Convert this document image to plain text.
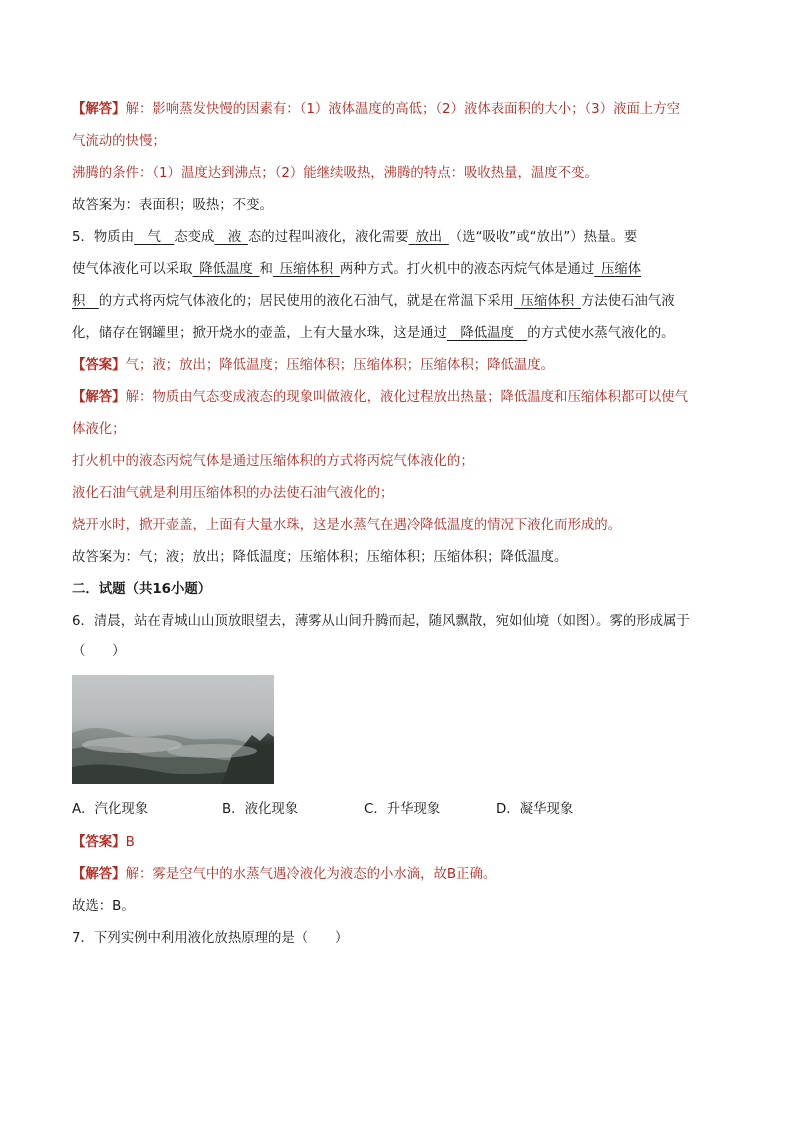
【解答】解：影响蒸发快慢的因素有：（1）液体温度的高低；（2）液体表面积的大小；（3）液面上方空
气流动的快慢；
沸腾的条件：（1）温度达到沸点；（2）能继续吸热，沸腾的特点：吸收热量，温度不变。
故答案为：表面积；吸热；不变。
5．物质由  气  态变成  液  态的过程叫液化，液化需要  放出  （选“吸收”或“放出”）热量。要
使气体液化可以采取  降低温度  和  压缩体积  两种方式。打火机中的液态丙烷气体是通过  压缩体
积  的方式将丙烷气体液化的；居民使用的液化石油气，就是在常温下采用  压缩体积  方法使石油气液
化，储存在钢罐里；掀开烧水的壶盖，上有大量水珠，这是通过  降低温度  的方式使水蒸气液化的。
【答案】气；液；放出；降低温度；压缩体积；压缩体积；压缩体积；降低温度。
【解答】解：物质由气态变成液态的现象叫做液化，液化过程放出热量；降低温度和压缩体积都可以使气
体液化；
打火机中的液态丙烷气体是通过压缩体积的方式将丙烷气体液化的；
液化石油气就是利用压缩体积的办法使石油气液化的；
烧开水时，掀开壶盖，上面有大量水珠，这是水蒸气在遇冷降低温度的情况下液化而形成的。
故答案为：气；液；放出；降低温度；压缩体积；压缩体积；压缩体积；降低温度。
二．试题（共16小题）
6．清晨，站在青城山山顶放眼望去，薄雾从山间升腾而起，随风飘散，宛如仙境（如图）。雾的形成属于
（　　）
A．汽化现象	B．液化现象	C．升华现象	D．凝华现象
【答案】B
【解答】解：雾是空气中的水蒸气遇冷液化为液态的小水滴，故B正确。
故选：B。
7．下列实例中利用液化放热原理的是（　　）
